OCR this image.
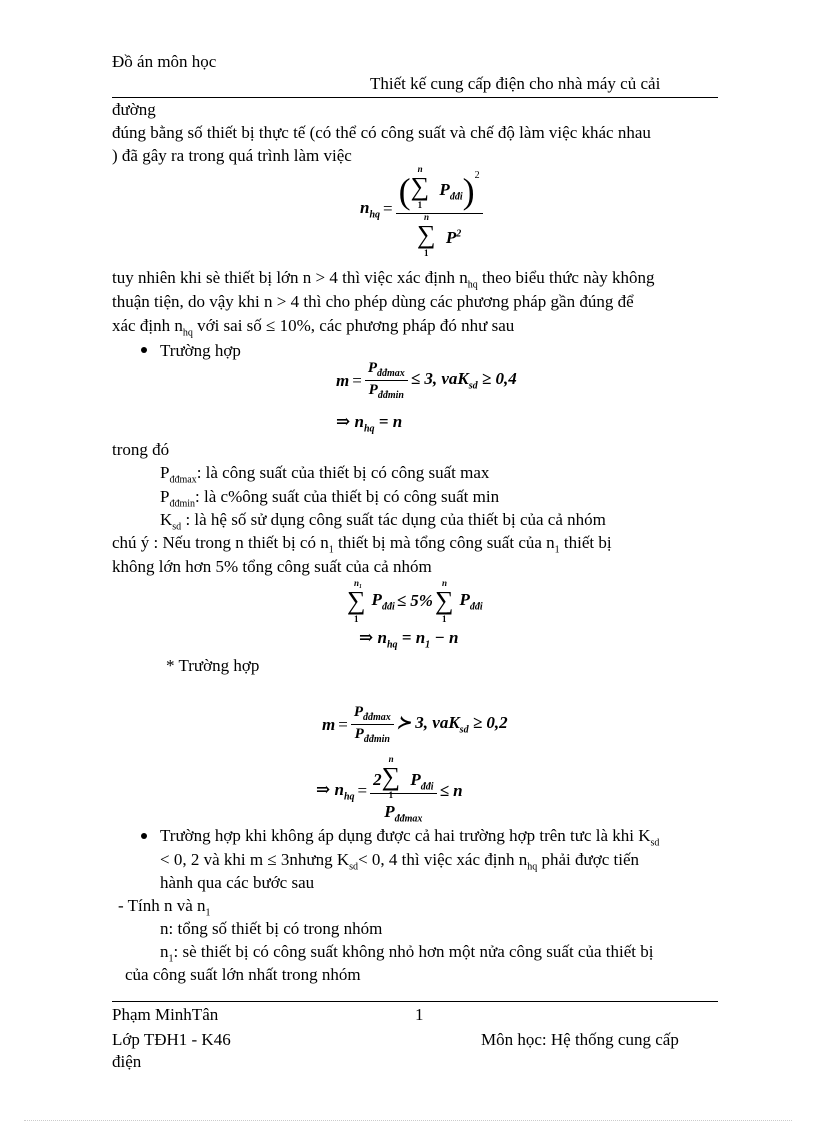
Đồ án môn học
Thiết kế cung cấp điện cho nhà máy củ cải
đường
đúng bằng số thiết bị thực tế (có thể có công suất và chế độ làm việc khác nhau
) đã gây ra trong quá trình làm việc
$n_{hq}$ = (∑
n
1
$P_{đđi})^2$
∑
n
1
$P^2$
tuy nhiên khi sè thiết bị lớn n > 4 thì việc xác định $n_{hq}$ theo biểu thức này không
thuận tiện, do vậy khi n > 4 thì cho phép dùng các phương pháp gần đúng để
xác định $n_{hq}$ với sai số ≤ 10%, các phương pháp đó như sau
Trường hợp
$m = \frac{P_{đđmax}}{P_{đđmin}} \le 3$, vaK$_{sd}$ ≥ 0,4
⇒ $n_{hq} = n$
trong đó
$P_{đđmax}$: là công suất của thiết bị có công suất max
$P_{đđmin}$: là c%ông suất của thiết bị có công suất min
$K_{sd}$ : là hệ số sử dụng công suất tác dụng của thiết bị của cả nhóm
chú ý : Nếu trong n thiết bị có $n_1$ thiết bị mà tổng công suất của $n_1$ thiết bị
không lớn hơn 5% tổng công suất của cả nhóm
∑
n₁
1
$P_{đđi} \le 5\%$ ∑
n
1
$P_{đđi}$
⇒ $n_{hq} = n_1 - n$
* Trường hợp
$m = \frac{P_{đđmax}}{P_{đđmin}}$ ≻ 3, vaK$_{sd}$ ≥ 0,2
⇒ $n_{hq} = 2\sum$
n
1
$P_{đđi}$
$P_{đđmax} \le n$
Trường hợp khi không áp dụng được cả hai trường hợp trên tưc là khi $K_{sd}$
< 0, 2 và khi m ≤ 3nhưng $K_{sd}< 0$, 4 thì việc xác định $n_{hq}$ phải được tiến
hành qua các bước sau
- Tính n và $n_1$
n: tổng số thiết bị có trong nhóm
$n_1$: sè thiết bị có công suất không nhỏ hơn một nửa công suất của thiết bị
của công suất lớn nhất trong nhóm
Phạm MinhTân	1
Lớp TĐH1 - K46	Môn học: Hệ thống cung cấp
điện
